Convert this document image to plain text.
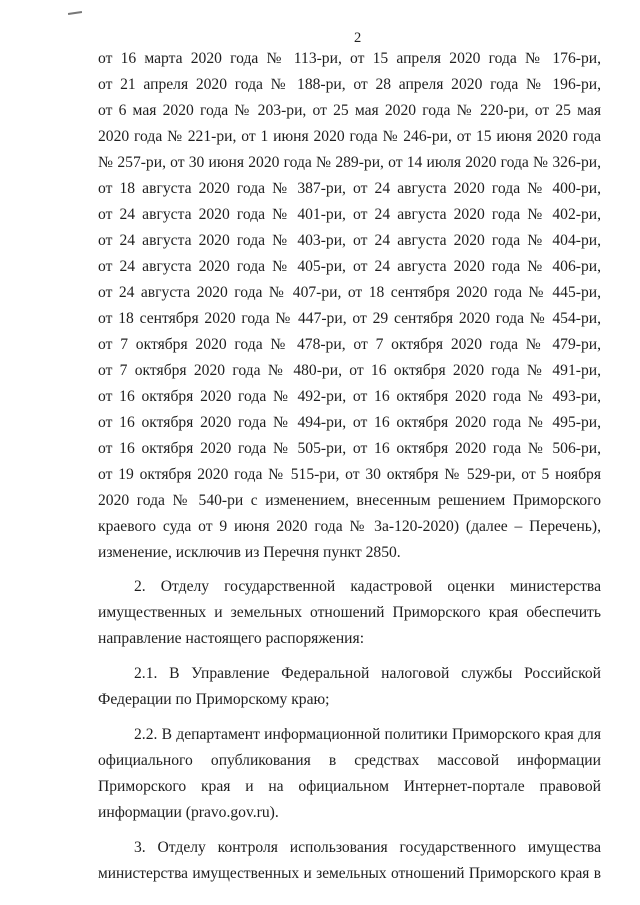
2
от 16 марта 2020 года № 113-ри, от 15 апреля 2020 года № 176-ри,
от 21 апреля 2020 года № 188-ри, от 28 апреля 2020 года № 196-ри,
от 6 мая 2020 года № 203-ри, от 25 мая 2020 года № 220-ри, от 25 мая
2020 года № 221-ри, от 1 июня 2020 года № 246-ри, от 15 июня 2020 года
№ 257-ри, от 30 июня 2020 года № 289-ри, от 14 июля 2020 года № 326-ри,
от 18 августа 2020 года № 387-ри, от 24 августа 2020 года № 400-ри,
от 24 августа 2020 года № 401-ри, от 24 августа 2020 года № 402-ри,
от 24 августа 2020 года № 403-ри, от 24 августа 2020 года № 404-ри,
от 24 августа 2020 года № 405-ри, от 24 августа 2020 года № 406-ри,
от 24 августа 2020 года № 407-ри, от 18 сентября 2020 года № 445-ри,
от 18 сентября 2020 года № 447-ри, от 29 сентября 2020 года № 454-ри,
от 7 октября 2020 года № 478-ри, от 7 октября 2020 года № 479-ри,
от 7 октября 2020 года № 480-ри, от 16 октября 2020 года № 491-ри,
от 16 октября 2020 года № 492-ри, от 16 октября 2020 года № 493-ри,
от 16 октября 2020 года № 494-ри, от 16 октября 2020 года № 495-ри,
от 16 октября 2020 года № 505-ри, от 16 октября 2020 года № 506-ри,
от 19 октября 2020 года № 515-ри, от 30 октября № 529-ри, от 5 ноября
2020 года № 540-ри с изменением, внесенным решением Приморского
краевого суда от 9 июня 2020 года № 3а-120-2020) (далее – Перечень),
изменение, исключив из Перечня пункт 2850.
2. Отделу государственной кадастровой оценки министерства
имущественных и земельных отношений Приморского края обеспечить
направление настоящего распоряжения:
2.1. В Управление Федеральной налоговой службы Российской
Федерации по Приморскому краю;
2.2. В департамент информационной политики Приморского края для
официального опубликования в средствах массовой информации
Приморского края и на официальном Интернет-портале правовой
информации (pravo.gov.ru).
3. Отделу контроля использования государственного имущества
министерства имущественных и земельных отношений Приморского края в
